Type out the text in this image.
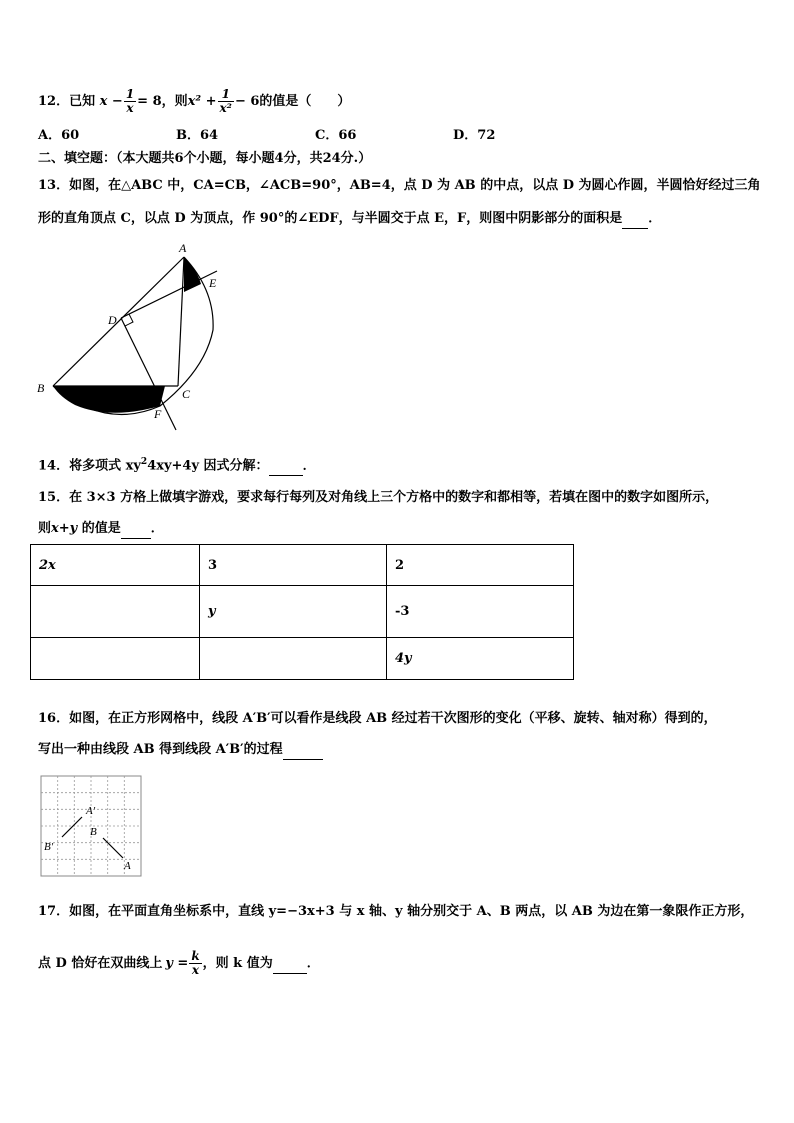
12．已知 $x - \frac{1}{x} = 8$，则$x^2 + \frac{1}{\text{x²}} - 6$的值是（　　）
A．60	B．64	C．66	D．72
二、填空题：（本大题共6个小题，每小题4分，共24分.）
13．如图，在△ABC 中，CA=CB，∠ACB=90°，AB=4，点 D 为 AB 的中点，以点 D 为圆心作圆，半圆恰好经过三角
形的直角顶点 C，以点 D 为顶点，作 90°的∠EDF，与半圆交于点 E，F，则图中阴影部分的面积是 ．
A
B	C
D
E
F
14．将多项式 $xy^24xy+4y$ 因式分解：	．
15．在 3×3 方格上做填字游戏，要求每行每列及对角线上三个方格中的数字和都相等，若填在图中的数字如图所示，
则x+y 的值是 ．
2x	3	2
	y	-3
		4y
16．如图，在正方形网格中，线段 A′B′可以看作是线段 AB 经过若干次图形的变化（平移、旋转、轴对称）得到的，
写出一种由线段 AB 得到线段 A′B′的过程
A′
B′
B
A
17．如图，在平面直角坐标系中，直线 y=−3x+3 与 x 轴、y 轴分别交于 A、B 两点，以 AB 为边在第一象限作正方形，
点 D 恰好在双曲线上 $y = \frac{k}{x}$ ，则 k 值为	．
